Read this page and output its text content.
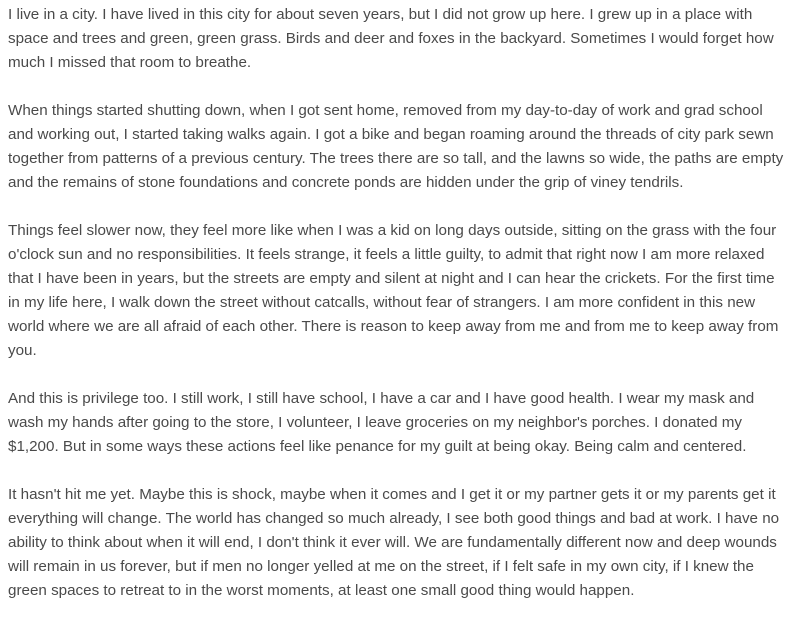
I live in a city. I have lived in this city for about seven years, but I did not grow up here. I grew up in a place with space and trees and green, green grass. Birds and deer and foxes in the backyard. Sometimes I would forget how much I missed that room to breathe.

When things started shutting down, when I got sent home, removed from my day-to-day of work and grad school and working out, I started taking walks again. I got a bike and began roaming around the threads of city park sewn together from patterns of a previous century. The trees there are so tall, and the lawns so wide, the paths are empty and the remains of stone foundations and concrete ponds are hidden under the grip of viney tendrils.

Things feel slower now, they feel more like when I was a kid on long days outside, sitting on the grass with the four o'clock sun and no responsibilities. It feels strange, it feels a little guilty, to admit that right now I am more relaxed that I have been in years, but the streets are empty and silent at night and I can hear the crickets. For the first time in my life here, I walk down the street without catcalls, without fear of strangers. I am more confident in this new world where we are all afraid of each other. There is reason to keep away from me and from me to keep away from you.

And this is privilege too. I still work, I still have school, I have a car and I have good health. I wear my mask and wash my hands after going to the store, I volunteer, I leave groceries on my neighbor's porches. I donated my $1,200. But in some ways these actions feel like penance for my guilt at being okay. Being calm and centered.

It hasn't hit me yet. Maybe this is shock, maybe when it comes and I get it or my partner gets it or my parents get it everything will change. The world has changed so much already, I see both good things and bad at work. I have no ability to think about when it will end, I don't think it ever will. We are fundamentally different now and deep wounds will remain in us forever, but if men no longer yelled at me on the street, if I felt safe in my own city, if I knew the green spaces to retreat to in the worst moments, at least one small good thing would happen.
